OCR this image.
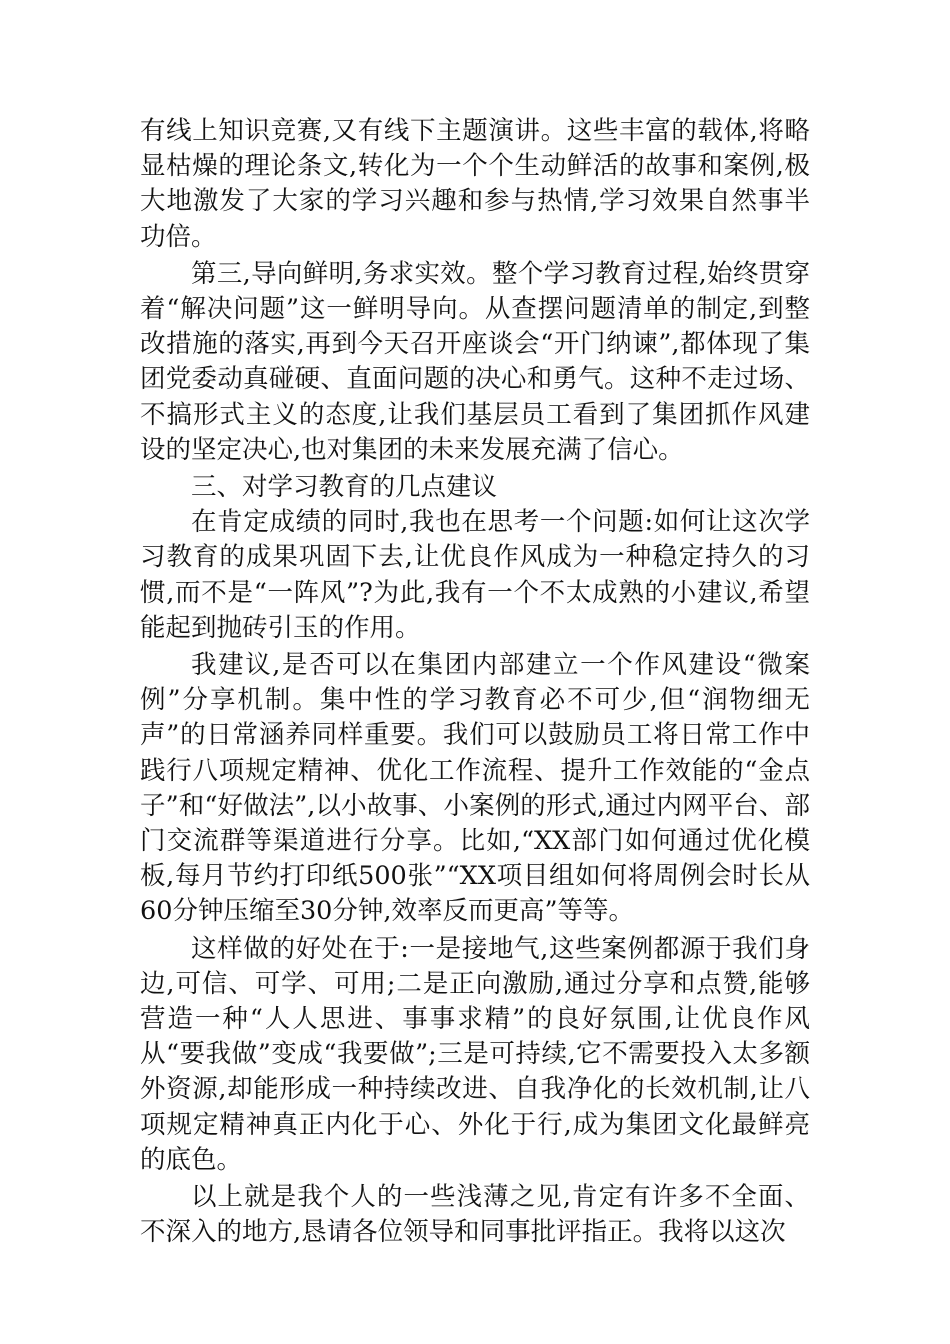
有线上知识竞赛,又有线下主题演讲。这些丰富的载体,将略显枯燥的理论条文,转化为一个个生动鲜活的故事和案例,极大地激发了大家的学习兴趣和参与热情,学习效果自然事半功倍。

第三,导向鲜明,务求实效。整个学习教育过程,始终贯穿着“解决问题”这一鲜明导向。从查摆问题清单的制定,到整改措施的落实,再到今天召开座谈会“开门纳谏”,都体现了集团党委动真碰硬、直面问题的决心和勇气。这种不走过场、不搞形式主义的态度,让我们基层员工看到了集团抓作风建设的坚定决心,也对集团的未来发展充满了信心。

三、对学习教育的几点建议

在肯定成绩的同时,我也在思考一个问题:如何让这次学习教育的成果巩固下去,让优良作风成为一种稳定持久的习惯,而不是“一阵风”?为此,我有一个不太成熟的小建议,希望能起到抛砖引玉的作用。

我建议,是否可以在集团内部建立一个作风建设“微案例”分享机制。集中性的学习教育必不可少,但“润物细无声”的日常涵养同样重要。我们可以鼓励员工将日常工作中践行八项规定精神、优化工作流程、提升工作效能的“金点子”和“好做法”,以小故事、小案例的形式,通过内网平台、部门交流群等渠道进行分享。比如,“XX部门如何通过优化模板,每月节约打印纸500张”“XX项目组如何将周例会时长从60分钟压缩至30分钟,效率反而更高”等等。

这样做的好处在于:一是接地气,这些案例都源于我们身边,可信、可学、可用;二是正向激励,通过分享和点赞,能够营造一种“人人思进、事事求精”的良好氛围,让优良作风从“要我做”变成“我要做”;三是可持续,它不需要投入太多额外资源,却能形成一种持续改进、自我净化的长效机制,让八项规定精神真正内化于心、外化于行,成为集团文化最鲜亮的底色。

以上就是我个人的一些浅薄之见,肯定有许多不全面、不深入的地方,恳请各位领导和同事批评指正。我将以这次
